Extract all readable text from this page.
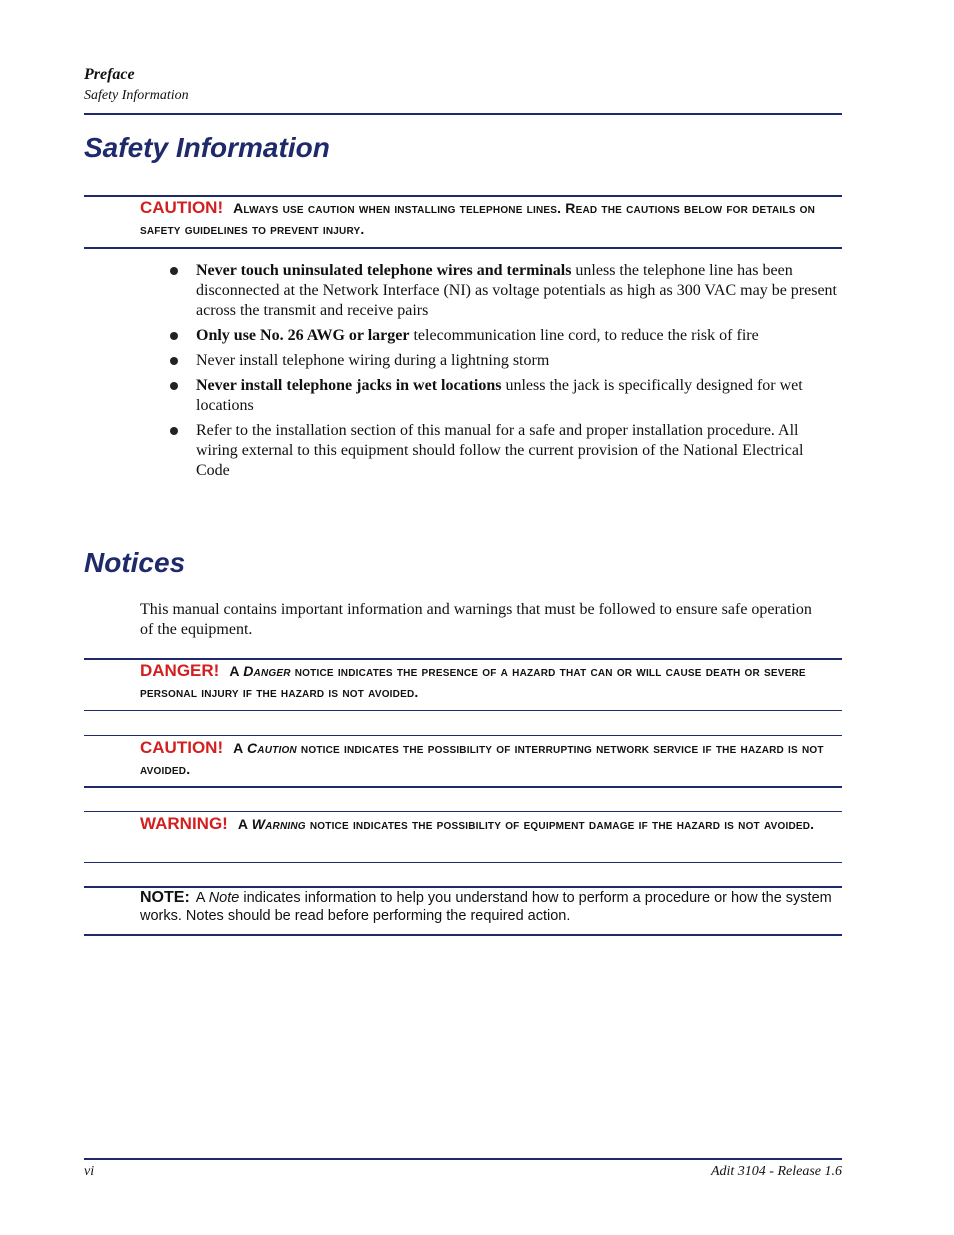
Preface
Safety Information
Safety Information
CAUTION! Always use caution when installing telephone lines. Read the cautions below for details on safety guidelines to prevent injury.
Never touch uninsulated telephone wires and terminals unless the telephone line has been disconnected at the Network Interface (NI) as voltage potentials as high as 300 VAC may be present across the transmit and receive pairs
Only use No. 26 AWG or larger telecommunication line cord, to reduce the risk of fire
Never install telephone wiring during a lightning storm
Never install telephone jacks in wet locations unless the jack is specifically designed for wet locations
Refer to the installation section of this manual for a safe and proper installation procedure. All wiring external to this equipment should follow the current provision of the National Electrical Code
Notices
This manual contains important information and warnings that must be followed to ensure safe operation of the equipment.
DANGER! A Danger notice indicates the presence of a hazard that can or will cause death or severe personal injury if the hazard is not avoided.
CAUTION! A Caution notice indicates the possibility of interrupting network service if the hazard is not avoided.
WARNING! A Warning notice indicates the possibility of equipment damage if the hazard is not avoided.
NOTE: A Note indicates information to help you understand how to perform a procedure or how the system works. Notes should be read before performing the required action.
vi	Adit 3104 - Release 1.6
